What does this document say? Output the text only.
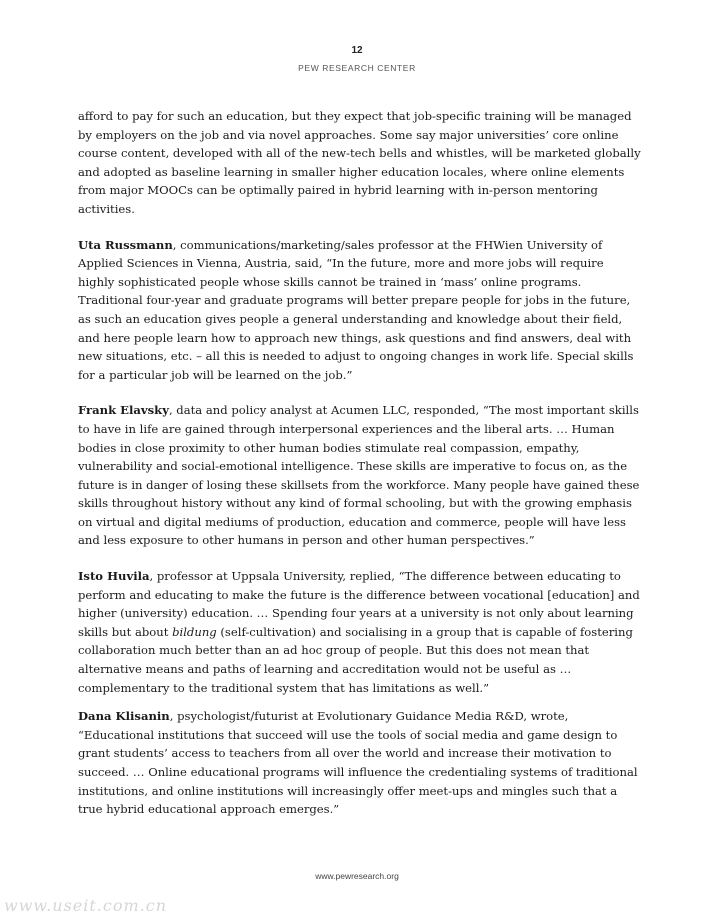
12
PEW RESEARCH CENTER

afford to pay for such an education, but they expect that job-specific training will be managed by employers on the job and via novel approaches. Some say major universities’ core online course content, developed with all of the new-tech bells and whistles, will be marketed globally and adopted as baseline learning in smaller higher education locales, where online elements from major MOOCs can be optimally paired in hybrid learning with in-person mentoring activities.

Uta Russmann, communications/marketing/sales professor at the FHWien University of Applied Sciences in Vienna, Austria, said, “In the future, more and more jobs will require highly sophisticated people whose skills cannot be trained in ‘mass’ online programs. Traditional four-year and graduate programs will better prepare people for jobs in the future, as such an education gives people a general understanding and knowledge about their field, and here people learn how to approach new things, ask questions and find answers, deal with new situations, etc. – all this is needed to adjust to ongoing changes in work life. Special skills for a particular job will be learned on the job.”

Frank Elavsky, data and policy analyst at Acumen LLC, responded, “The most important skills to have in life are gained through interpersonal experiences and the liberal arts. … Human bodies in close proximity to other human bodies stimulate real compassion, empathy, vulnerability and social-emotional intelligence. These skills are imperative to focus on, as the future is in danger of losing these skillsets from the workforce. Many people have gained these skills throughout history without any kind of formal schooling, but with the growing emphasis on virtual and digital mediums of production, education and commerce, people will have less and less exposure to other humans in person and other human perspectives.”

Isto Huvila, professor at Uppsala University, replied, “The difference between educating to perform and educating to make the future is the difference between vocational [education] and higher (university) education. … Spending four years at a university is not only about learning skills but about bildung (self-cultivation) and socialising in a group that is capable of fostering collaboration much better than an ad hoc group of people. But this does not mean that alternative means and paths of learning and accreditation would not be useful as … complementary to the traditional system that has limitations as well.”

Dana Klisanin, psychologist/futurist at Evolutionary Guidance Media R&D, wrote, “Educational institutions that succeed will use the tools of social media and game design to grant students’ access to teachers from all over the world and increase their motivation to succeed. … Online educational programs will influence the credentialing systems of traditional institutions, and online institutions will increasingly offer meet-ups and mingles such that a true hybrid educational approach emerges.”

www.pewresearch.org
www.useit.com.cn
